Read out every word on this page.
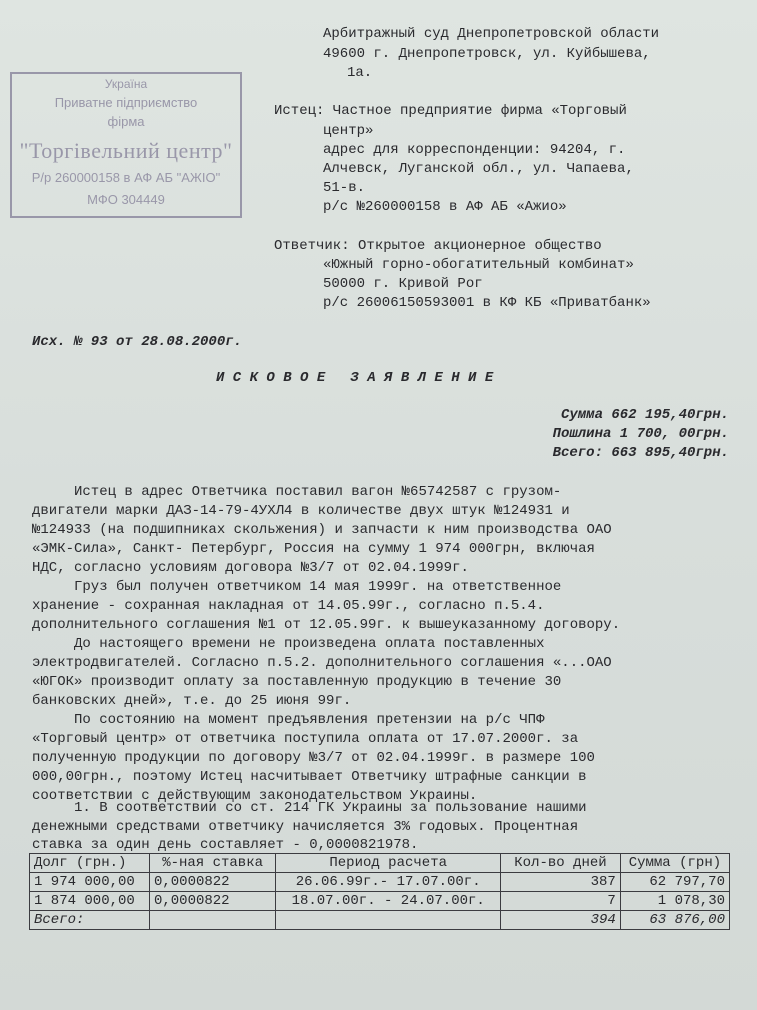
Україна
Приватне підприємство
фірма
"Торгівельний центр"
Р/р 260000158 в АФ АБ "АЖІО"
МФО 304449
Арбитражный суд Днепропетровской области
49600 г. Днепропетровск, ул. Куйбышева,
1а.
Истец: Частное предприятие фирма «Торговый
центр»
адрес для корреспонденции: 94204, г.
Алчевск, Луганской обл., ул. Чапаева,
51-в.
р/с №260000158 в АФ АБ «Ажио»
Ответчик: Открытое акционерное общество
«Южный горно-обогатительный комбинат»
50000 г. Кривой Рог
р/с 26006150593001 в КФ КБ «Приватбанк»
Исх. № 93 от 28.08.2000г.
И С К О В О Е   З А Я В Л Е Н И Е
Сумма 662 195,40грн.
Пошлина 1 700, 00грн.
Всего: 663 895,40грн.
Истец в адрес Ответчика поставил вагон №65742587 с грузом-
двигатели марки ДАЗ-14-79-4УХЛ4 в количестве двух штук №124931 и
№124933 (на подшипниках скольжения) и запчасти к ним производства ОАО
«ЭМК-Сила», Санкт- Петербург, Россия на сумму 1 974 000грн, включая
НДС, согласно условиям договора №3/7 от 02.04.1999г.
Груз был получен ответчиком 14 мая 1999г. на ответственное
хранение - сохранная накладная от 14.05.99г., согласно п.5.4.
дополнительного соглашения №1 от 12.05.99г. к вышеуказанному договору.
До настоящего времени не произведена оплата поставленных
электродвигателей. Согласно п.5.2. дополнительного соглашения «...ОАО
«ЮГОК» производит оплату за поставленную продукцию в течение 30
банковских дней», т.е. до 25 июня 99г.
По состоянию на момент предъявления претензии на р/с ЧПФ
«Торговый центр» от ответчика поступила оплата от 17.07.2000г. за
полученную продукции по договору №3/7 от 02.04.1999г. в размере 100
000,00грн., поэтому Истец насчитывает Ответчику штрафные санкции в
соответствии с действующим законодательством Украины.
1. В соответствии со ст. 214 ГК Украины за пользование нашими
денежными средствами ответчику начисляется 3% годовых. Процентная
ставка за один день составляет - 0,0000821978.
Долг (грн.)	%-ная ставка	Период расчета	Кол-во дней	Сумма (грн)
1 974 000,00	0,0000822	26.06.99г.- 17.07.00г.	387	62 797,70
1 874 000,00	0,0000822	18.07.00г. - 24.07.00г.	7	1 078,30
Всего:			394	63 876,00
